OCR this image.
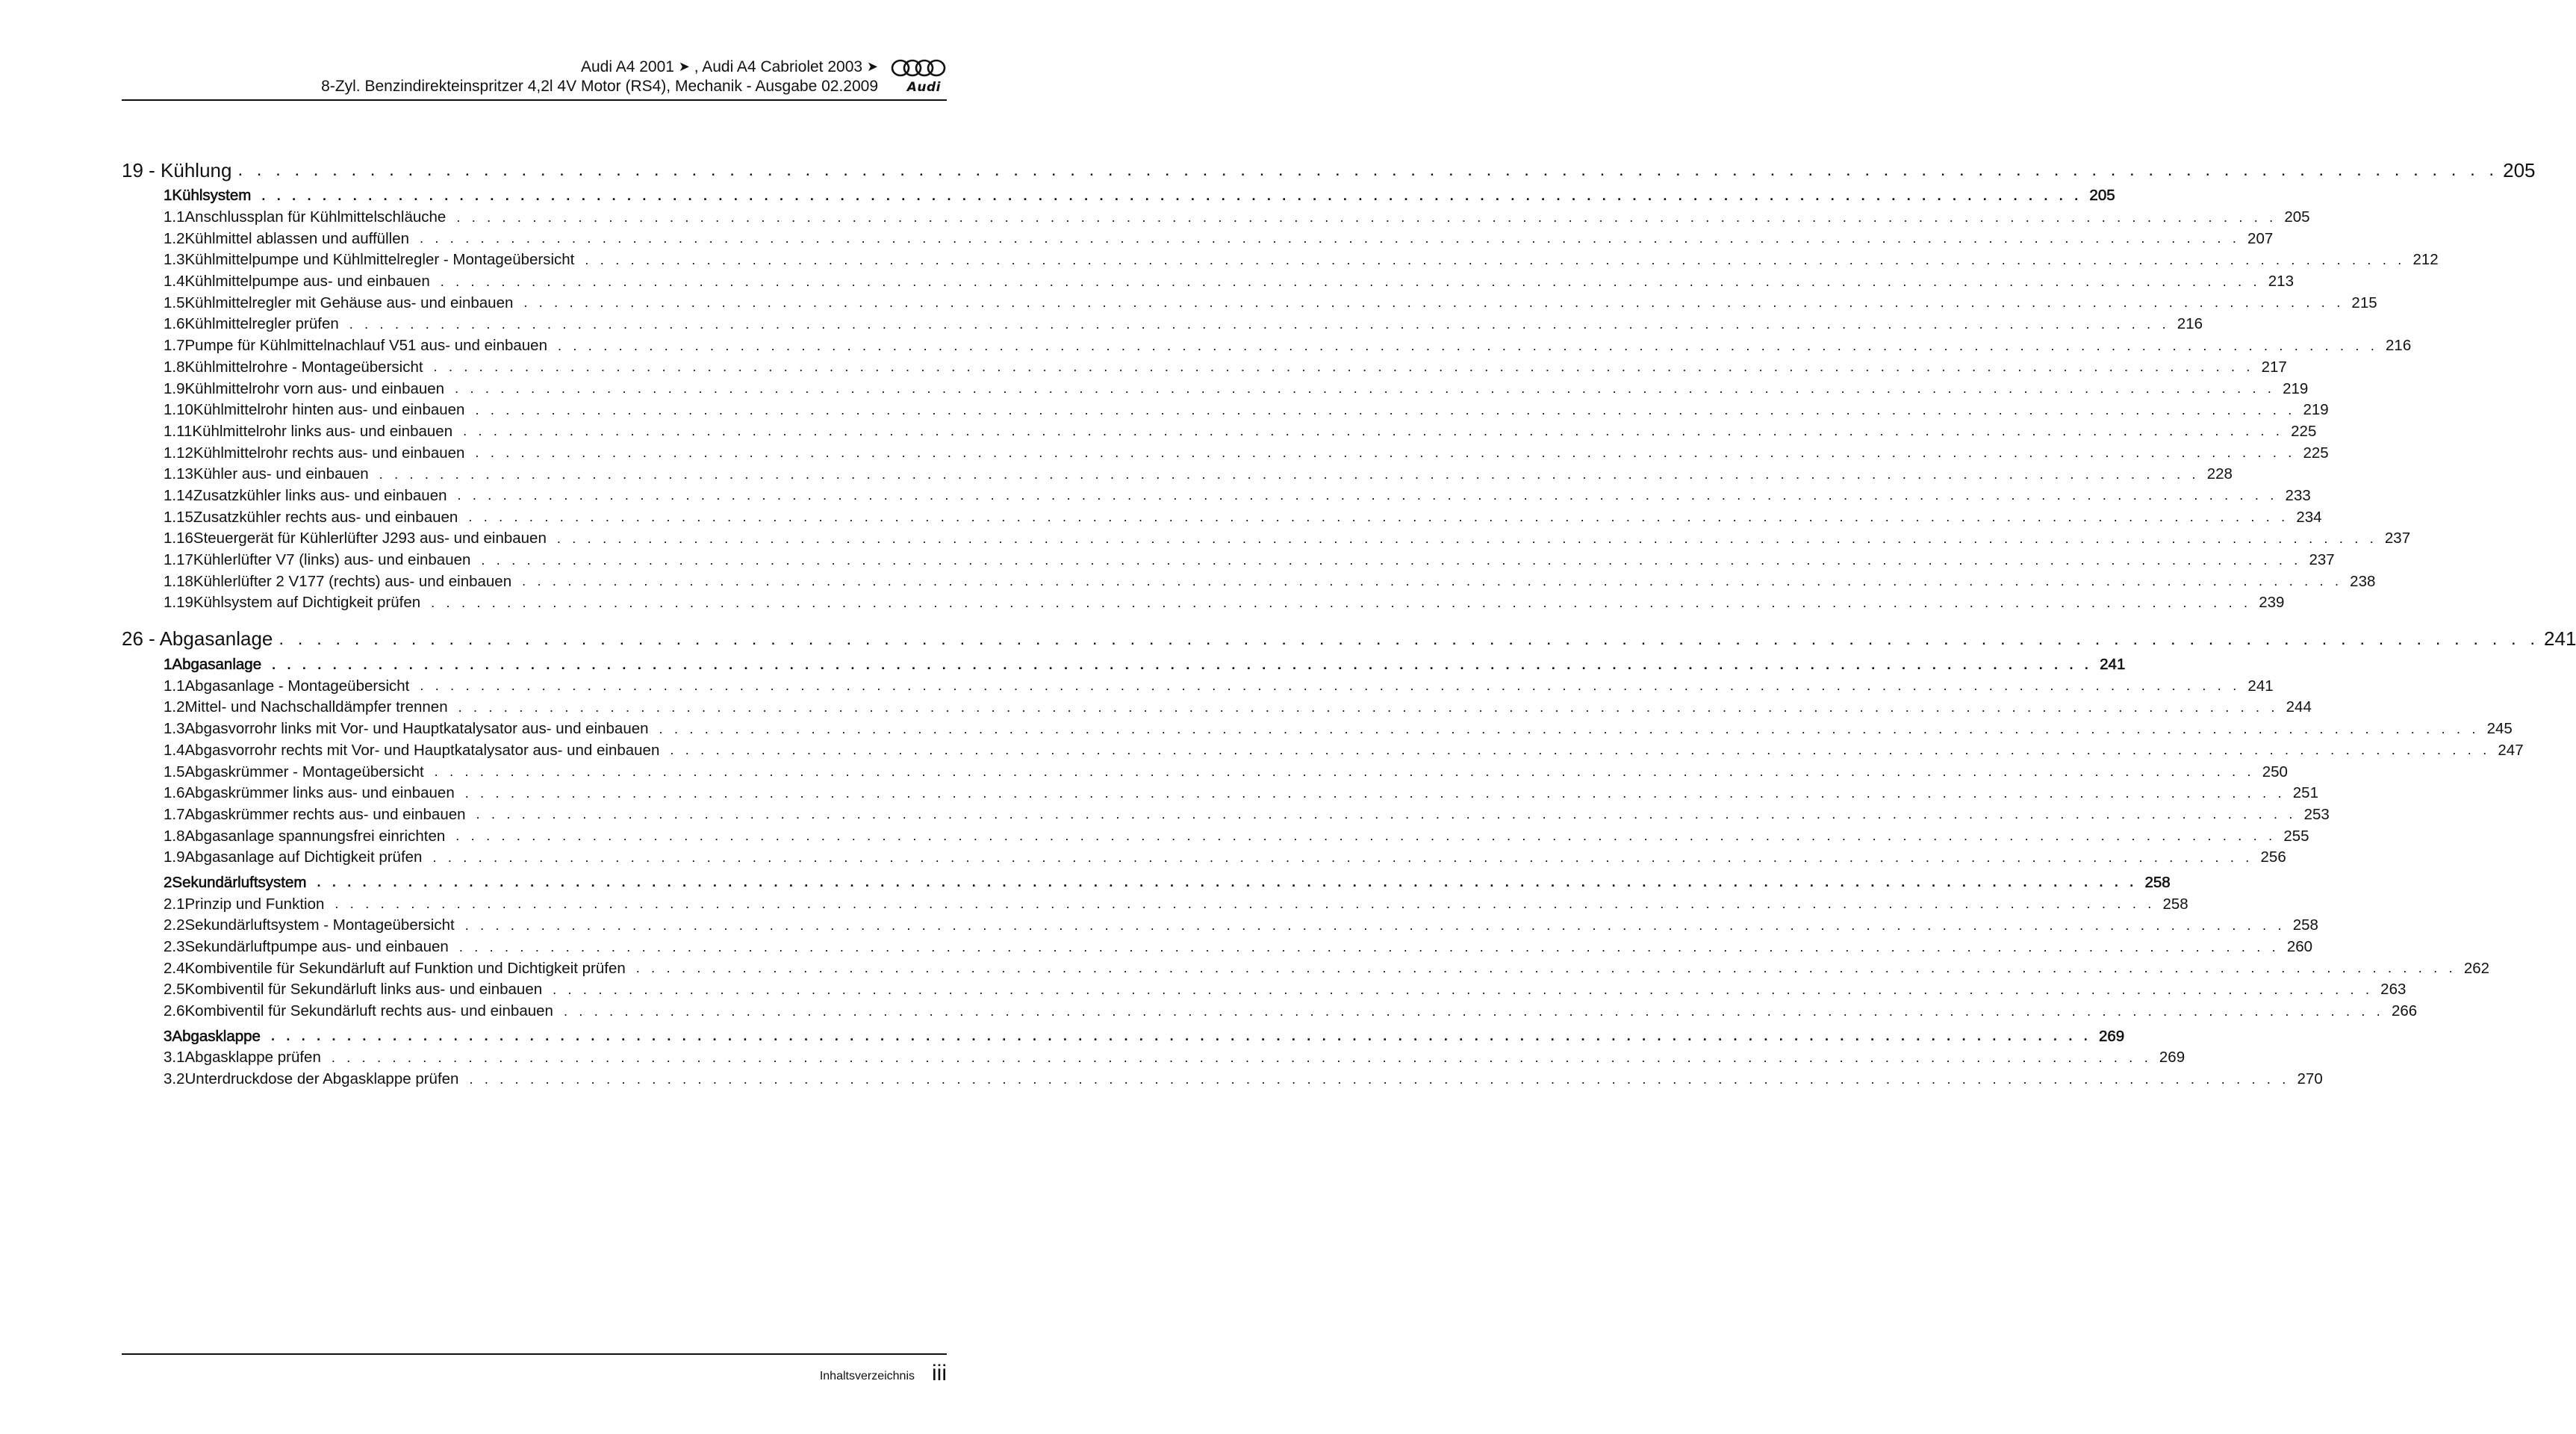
Audi A4 2001 ➤ , Audi A4 Cabriolet 2003 ➤
8-Zyl. Benzindirekteinspritzer 4,2l 4V Motor (RS4), Mechanik - Ausgabe 02.2009 Audi
19 - Kühlung . . . . . . . . . . . . . . . . . . . . . . . . . . . . . . . . . . . . . . . . . . . . . . . . . . . . . . . . . . . . . . . . . . . . . . . . . . . . . . . . . . . . . . . . . . . . . . . . . . . . . . . . . . . . . . . . . . . . . . . . 205
1 Kühlsystem . . . . . . . . . . . . . . . . . . . . . . . . . . . . . . . . . . . . . . . . . . . . . . . . . . . . . . . . . . . . . . . . . . . . . . . . . . . . . . . . . . . . . . . . . . . . . . . . . . . . . . . . . . . . . . . . . . . . . . . . 205
1.1 Anschlussplan für Kühlmittelschläuche . . . . . . . . . . . . . . . . . . . . . . . . . . . . . . . . . . . . . . . . . . . . . . . . . . . . . . . . . . . . . . . . . . . . . . . . . . . . . . . . . . . . . . . . . . . . . . . . . . . . . . . . . . . . . . . . . . . . . . . . 205
1.2 Kühlmittel ablassen und auffüllen . . . . . . . . . . . . . . . . . . . . . . . . . . . . . . . . . . . . . . . . . . . . . . . . . . . . . . . . . . . . . . . . . . . . . . . . . . . . . . . . . . . . . . . . . . . . . . . . . . . . . . . . . . . . . . . . . . . . . . . . 207
1.3 Kühlmittelpumpe und Kühlmittelregler - Montageübersicht . . . . . . . . . . . . . . . . . . . . . . . . . . . . . . . . . . . . . . . . . . . . . . . . . . . . . . . . . . . . . . . . . . . . . . . . . . . . . . . . . . . . . . . . . . . . . . . . . . . . . . . . . . . . . . . . . . . . . . . . 212
1.4 Kühlmittelpumpe aus- und einbauen . . . . . . . . . . . . . . . . . . . . . . . . . . . . . . . . . . . . . . . . . . . . . . . . . . . . . . . . . . . . . . . . . . . . . . . . . . . . . . . . . . . . . . . . . . . . . . . . . . . . . . . . . . . . . . . . . . . . . . . . 213
1.5 Kühlmittelregler mit Gehäuse aus- und einbauen . . . . . . . . . . . . . . . . . . . . . . . . . . . . . . . . . . . . . . . . . . . . . . . . . . . . . . . . . . . . . . . . . . . . . . . . . . . . . . . . . . . . . . . . . . . . . . . . . . . . . . . . . . . . . . . . . . . . . . . . 215
1.6 Kühlmittelregler prüfen . . . . . . . . . . . . . . . . . . . . . . . . . . . . . . . . . . . . . . . . . . . . . . . . . . . . . . . . . . . . . . . . . . . . . . . . . . . . . . . . . . . . . . . . . . . . . . . . . . . . . . . . . . . . . . . . . . . . . . . . 216
1.7 Pumpe für Kühlmittelnachlauf V51 aus- und einbauen . . . . . . . . . . . . . . . . . . . . . . . . . . . . . . . . . . . . . . . . . . . . . . . . . . . . . . . . . . . . . . . . . . . . . . . . . . . . . . . . . . . . . . . . . . . . . . . . . . . . . . . . . . . . . . . . . . . . . . . . 216
1.8 Kühlmittelrohre - Montageübersicht . . . . . . . . . . . . . . . . . . . . . . . . . . . . . . . . . . . . . . . . . . . . . . . . . . . . . . . . . . . . . . . . . . . . . . . . . . . . . . . . . . . . . . . . . . . . . . . . . . . . . . . . . . . . . . . . . . . . . . . . 217
1.9 Kühlmittelrohr vorn aus- und einbauen . . . . . . . . . . . . . . . . . . . . . . . . . . . . . . . . . . . . . . . . . . . . . . . . . . . . . . . . . . . . . . . . . . . . . . . . . . . . . . . . . . . . . . . . . . . . . . . . . . . . . . . . . . . . . . . . . . . . . . . . 219
1.10 Kühlmittelrohr hinten aus- und einbauen . . . . . . . . . . . . . . . . . . . . . . . . . . . . . . . . . . . . . . . . . . . . . . . . . . . . . . . . . . . . . . . . . . . . . . . . . . . . . . . . . . . . . . . . . . . . . . . . . . . . . . . . . . . . . . . . . . . . . . . . 219
1.11 Kühlmittelrohr links aus- und einbauen . . . . . . . . . . . . . . . . . . . . . . . . . . . . . . . . . . . . . . . . . . . . . . . . . . . . . . . . . . . . . . . . . . . . . . . . . . . . . . . . . . . . . . . . . . . . . . . . . . . . . . . . . . . . . . . . . . . . . . . . 225
1.12 Kühlmittelrohr rechts aus- und einbauen . . . . . . . . . . . . . . . . . . . . . . . . . . . . . . . . . . . . . . . . . . . . . . . . . . . . . . . . . . . . . . . . . . . . . . . . . . . . . . . . . . . . . . . . . . . . . . . . . . . . . . . . . . . . . . . . . . . . . . . . 225
1.13 Kühler aus- und einbauen . . . . . . . . . . . . . . . . . . . . . . . . . . . . . . . . . . . . . . . . . . . . . . . . . . . . . . . . . . . . . . . . . . . . . . . . . . . . . . . . . . . . . . . . . . . . . . . . . . . . . . . . . . . . . . . . . . . . . . . . 228
1.14 Zusatzkühler links aus- und einbauen . . . . . . . . . . . . . . . . . . . . . . . . . . . . . . . . . . . . . . . . . . . . . . . . . . . . . . . . . . . . . . . . . . . . . . . . . . . . . . . . . . . . . . . . . . . . . . . . . . . . . . . . . . . . . . . . . . . . . . . . 233
1.15 Zusatzkühler rechts aus- und einbauen . . . . . . . . . . . . . . . . . . . . . . . . . . . . . . . . . . . . . . . . . . . . . . . . . . . . . . . . . . . . . . . . . . . . . . . . . . . . . . . . . . . . . . . . . . . . . . . . . . . . . . . . . . . . . . . . . . . . . . . . 234
1.16 Steuergerät für Kühlerlüfter J293 aus- und einbauen . . . . . . . . . . . . . . . . . . . . . . . . . . . . . . . . . . . . . . . . . . . . . . . . . . . . . . . . . . . . . . . . . . . . . . . . . . . . . . . . . . . . . . . . . . . . . . . . . . . . . . . . . . . . . . . . . . . . . . . . 237
1.17 Kühlerlüfter V7 (links) aus- und einbauen . . . . . . . . . . . . . . . . . . . . . . . . . . . . . . . . . . . . . . . . . . . . . . . . . . . . . . . . . . . . . . . . . . . . . . . . . . . . . . . . . . . . . . . . . . . . . . . . . . . . . . . . . . . . . . . . . . . . . . . . 237
1.18 Kühlerlüfter 2 V177 (rechts) aus- und einbauen . . . . . . . . . . . . . . . . . . . . . . . . . . . . . . . . . . . . . . . . . . . . . . . . . . . . . . . . . . . . . . . . . . . . . . . . . . . . . . . . . . . . . . . . . . . . . . . . . . . . . . . . . . . . . . . . . . . . . . . . 238
1.19 Kühlsystem auf Dichtigkeit prüfen . . . . . . . . . . . . . . . . . . . . . . . . . . . . . . . . . . . . . . . . . . . . . . . . . . . . . . . . . . . . . . . . . . . . . . . . . . . . . . . . . . . . . . . . . . . . . . . . . . . . . . . . . . . . . . . . . . . . . . . . 239
26 - Abgasanlage . . . . . . . . . . . . . . . . . . . . . . . . . . . . . . . . . . . . . . . . . . . . . . . . . . . . . . . . . . . . . . . . . . . . . . . . . . . . . . . . . . . . . . . . . . . . . . . . . . . . . . . . . . . . . . . . . . . . . . . . 241
1 Abgasanlage . . . . . . . . . . . . . . . . . . . . . . . . . . . . . . . . . . . . . . . . . . . . . . . . . . . . . . . . . . . . . . . . . . . . . . . . . . . . . . . . . . . . . . . . . . . . . . . . . . . . . . . . . . . . . . . . . . . . . . . . 241
1.1 Abgasanlage - Montageübersicht . . . . . . . . . . . . . . . . . . . . . . . . . . . . . . . . . . . . . . . . . . . . . . . . . . . . . . . . . . . . . . . . . . . . . . . . . . . . . . . . . . . . . . . . . . . . . . . . . . . . . . . . . . . . . . . . . . . . . . . . 241
1.2 Mittel- und Nachschalldämpfer trennen . . . . . . . . . . . . . . . . . . . . . . . . . . . . . . . . . . . . . . . . . . . . . . . . . . . . . . . . . . . . . . . . . . . . . . . . . . . . . . . . . . . . . . . . . . . . . . . . . . . . . . . . . . . . . . . . . . . . . . . . 244
1.3 Abgasvorrohr links mit Vor- und Hauptkatalysator aus- und einbauen . . . . . . . . . . . . . . . . . . . . . . . . . . . . . . . . . . . . . . . . . . . . . . . . . . . . . . . . . . . . . . . . . . . . . . . . . . . . . . . . . . . . . . . . . . . . . . . . . . . . . . . . . . . . . . . . . . . . . . . . 245
1.4 Abgasvorrohr rechts mit Vor- und Hauptkatalysator aus- und einbauen . . . . . . . . . . . . . . . . . . . . . . . . . . . . . . . . . . . . . . . . . . . . . . . . . . . . . . . . . . . . . . . . . . . . . . . . . . . . . . . . . . . . . . . . . . . . . . . . . . . . . . . . . . . . . . . . . . . . . . . . 247
1.5 Abgaskrümmer - Montageübersicht . . . . . . . . . . . . . . . . . . . . . . . . . . . . . . . . . . . . . . . . . . . . . . . . . . . . . . . . . . . . . . . . . . . . . . . . . . . . . . . . . . . . . . . . . . . . . . . . . . . . . . . . . . . . . . . . . . . . . . . . 250
1.6 Abgaskrümmer links aus- und einbauen . . . . . . . . . . . . . . . . . . . . . . . . . . . . . . . . . . . . . . . . . . . . . . . . . . . . . . . . . . . . . . . . . . . . . . . . . . . . . . . . . . . . . . . . . . . . . . . . . . . . . . . . . . . . . . . . . . . . . . . . 251
1.7 Abgaskrümmer rechts aus- und einbauen . . . . . . . . . . . . . . . . . . . . . . . . . . . . . . . . . . . . . . . . . . . . . . . . . . . . . . . . . . . . . . . . . . . . . . . . . . . . . . . . . . . . . . . . . . . . . . . . . . . . . . . . . . . . . . . . . . . . . . . . 253
1.8 Abgasanlage spannungsfrei einrichten . . . . . . . . . . . . . . . . . . . . . . . . . . . . . . . . . . . . . . . . . . . . . . . . . . . . . . . . . . . . . . . . . . . . . . . . . . . . . . . . . . . . . . . . . . . . . . . . . . . . . . . . . . . . . . . . . . . . . . . . 255
1.9 Abgasanlage auf Dichtigkeit prüfen . . . . . . . . . . . . . . . . . . . . . . . . . . . . . . . . . . . . . . . . . . . . . . . . . . . . . . . . . . . . . . . . . . . . . . . . . . . . . . . . . . . . . . . . . . . . . . . . . . . . . . . . . . . . . . . . . . . . . . . . 256
2 Sekundärluftsystem . . . . . . . . . . . . . . . . . . . . . . . . . . . . . . . . . . . . . . . . . . . . . . . . . . . . . . . . . . . . . . . . . . . . . . . . . . . . . . . . . . . . . . . . . . . . . . . . . . . . . . . . . . . . . . . . . . . . . . . . 258
2.1 Prinzip und Funktion . . . . . . . . . . . . . . . . . . . . . . . . . . . . . . . . . . . . . . . . . . . . . . . . . . . . . . . . . . . . . . . . . . . . . . . . . . . . . . . . . . . . . . . . . . . . . . . . . . . . . . . . . . . . . . . . . . . . . . . . 258
2.2 Sekundärluftsystem - Montageübersicht . . . . . . . . . . . . . . . . . . . . . . . . . . . . . . . . . . . . . . . . . . . . . . . . . . . . . . . . . . . . . . . . . . . . . . . . . . . . . . . . . . . . . . . . . . . . . . . . . . . . . . . . . . . . . . . . . . . . . . . . 258
2.3 Sekundärluftpumpe aus- und einbauen . . . . . . . . . . . . . . . . . . . . . . . . . . . . . . . . . . . . . . . . . . . . . . . . . . . . . . . . . . . . . . . . . . . . . . . . . . . . . . . . . . . . . . . . . . . . . . . . . . . . . . . . . . . . . . . . . . . . . . . . 260
2.4 Kombiventile für Sekundärluft auf Funktion und Dichtigkeit prüfen . . . . . . . . . . . . . . . . . . . . . . . . . . . . . . . . . . . . . . . . . . . . . . . . . . . . . . . . . . . . . . . . . . . . . . . . . . . . . . . . . . . . . . . . . . . . . . . . . . . . . . . . . . . . . . . . . . . . . . . . 262
2.5 Kombiventil für Sekundärluft links aus- und einbauen . . . . . . . . . . . . . . . . . . . . . . . . . . . . . . . . . . . . . . . . . . . . . . . . . . . . . . . . . . . . . . . . . . . . . . . . . . . . . . . . . . . . . . . . . . . . . . . . . . . . . . . . . . . . . . . . . . . . . . . . 263
2.6 Kombiventil für Sekundärluft rechts aus- und einbauen . . . . . . . . . . . . . . . . . . . . . . . . . . . . . . . . . . . . . . . . . . . . . . . . . . . . . . . . . . . . . . . . . . . . . . . . . . . . . . . . . . . . . . . . . . . . . . . . . . . . . . . . . . . . . . . . . . . . . . . . 266
3 Abgasklappe . . . . . . . . . . . . . . . . . . . . . . . . . . . . . . . . . . . . . . . . . . . . . . . . . . . . . . . . . . . . . . . . . . . . . . . . . . . . . . . . . . . . . . . . . . . . . . . . . . . . . . . . . . . . . . . . . . . . . . . . 269
3.1 Abgasklappe prüfen . . . . . . . . . . . . . . . . . . . . . . . . . . . . . . . . . . . . . . . . . . . . . . . . . . . . . . . . . . . . . . . . . . . . . . . . . . . . . . . . . . . . . . . . . . . . . . . . . . . . . . . . . . . . . . . . . . . . . . . . 269
3.2 Unterdruckdose der Abgasklappe prüfen . . . . . . . . . . . . . . . . . . . . . . . . . . . . . . . . . . . . . . . . . . . . . . . . . . . . . . . . . . . . . . . . . . . . . . . . . . . . . . . . . . . . . . . . . . . . . . . . . . . . . . . . . . . . . . . . . . . . . . . . 270
Inhaltsverzeichnis iii
